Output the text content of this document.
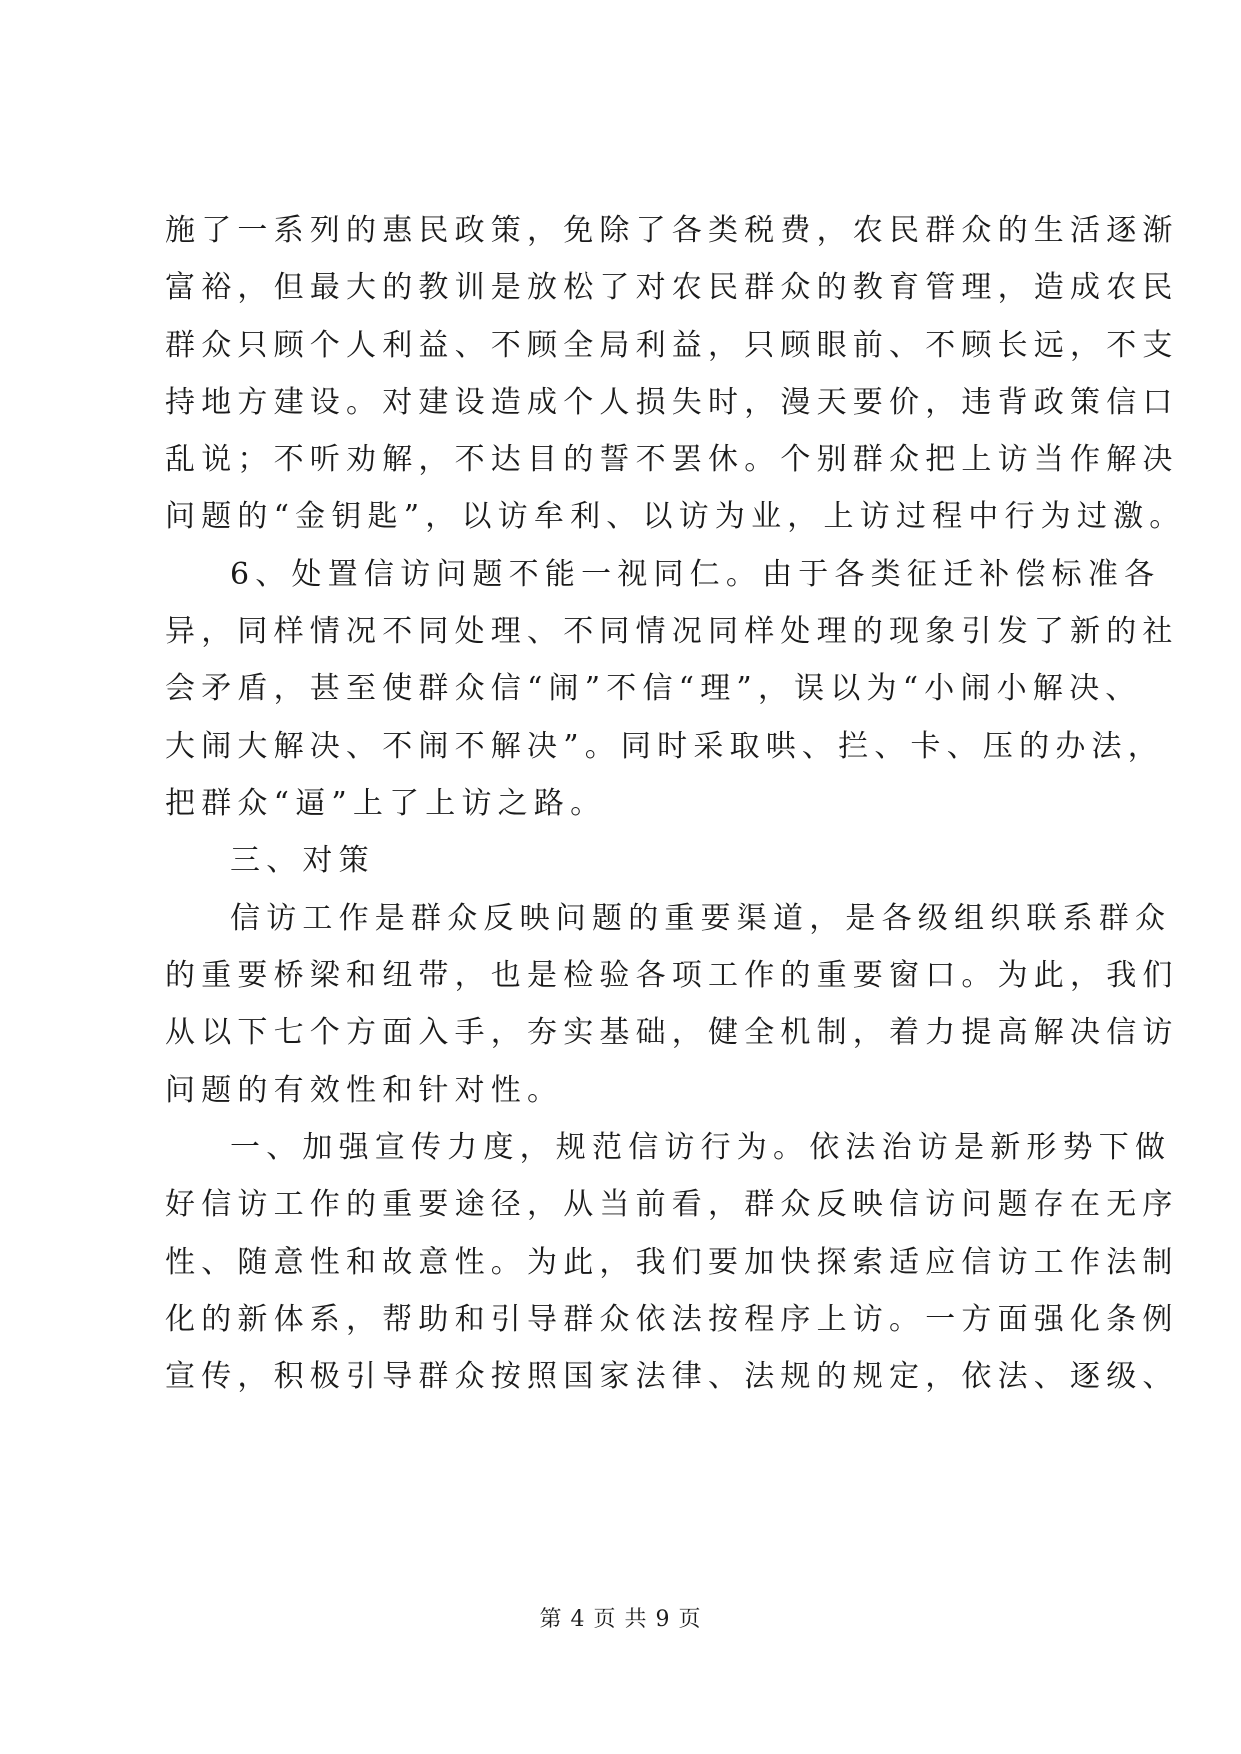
施了一系列的惠民政策，免除了各类税费，农民群众的生活逐渐
富裕，但最大的教训是放松了对农民群众的教育管理，造成农民
群众只顾个人利益、不顾全局利益，只顾眼前、不顾长远，不支
持地方建设。对建设造成个人损失时，漫天要价，违背政策信口
乱说；不听劝解，不达目的誓不罢休。个别群众把上访当作解决
问题的“金钥匙”，以访牟利、以访为业，上访过程中行为过激。
6、处置信访问题不能一视同仁。由于各类征迁补偿标准各
异，同样情况不同处理、不同情况同样处理的现象引发了新的社
会矛盾，甚至使群众信“闹”不信“理”，误以为“小闹小解决、
大闹大解决、不闹不解决”。同时采取哄、拦、卡、压的办法，
把群众“逼”上了上访之路。
三、对策
信访工作是群众反映问题的重要渠道，是各级组织联系群众
的重要桥梁和纽带，也是检验各项工作的重要窗口。为此，我们
从以下七个方面入手，夯实基础，健全机制，着力提高解决信访
问题的有效性和针对性。
一、加强宣传力度，规范信访行为。依法治访是新形势下做
好信访工作的重要途径，从当前看，群众反映信访问题存在无序
性、随意性和故意性。为此，我们要加快探索适应信访工作法制
化的新体系，帮助和引导群众依法按程序上访。一方面强化条例
宣传，积极引导群众按照国家法律、法规的规定，依法、逐级、
第 4 页 共 9 页
